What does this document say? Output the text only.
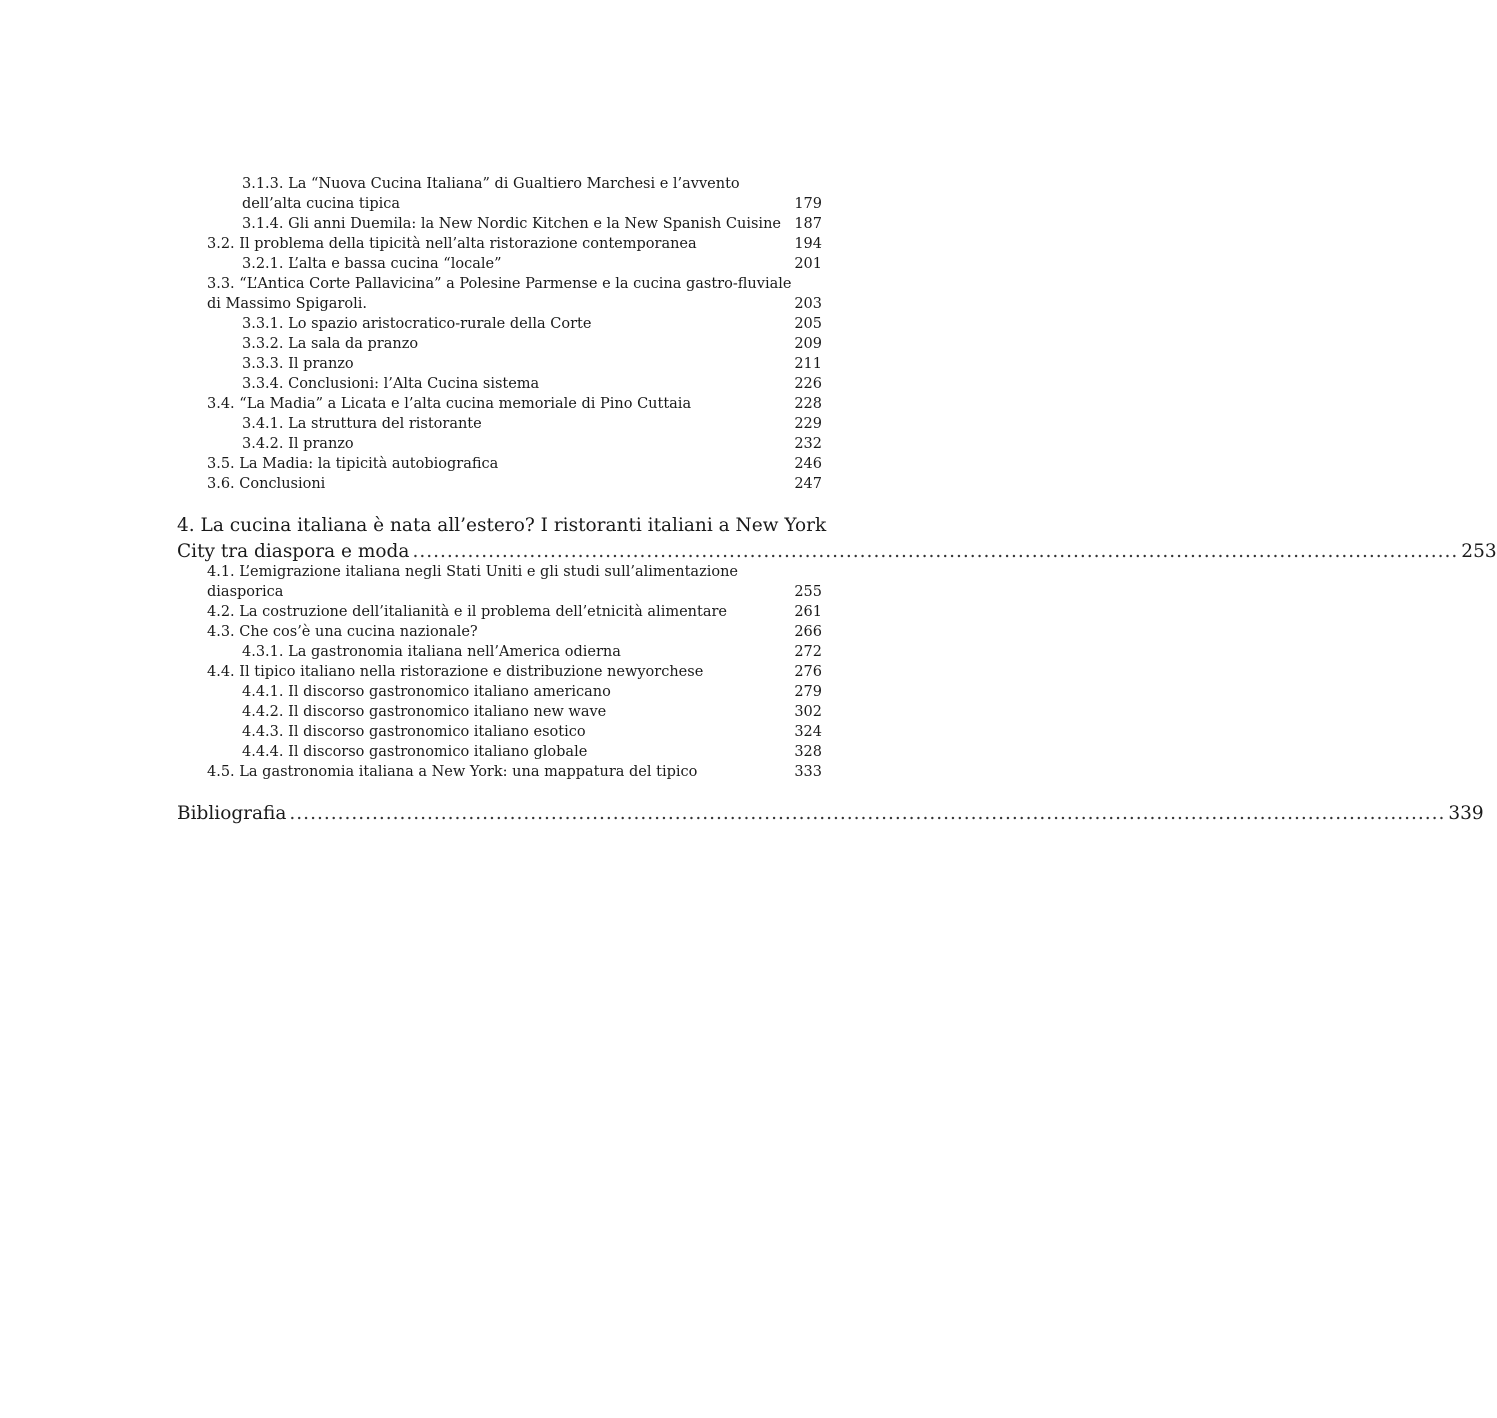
3.1.3. La “Nuova Cucina Italiana” di Gualtiero Marchesi e l’avvento
dell’alta cucina tipica	179
3.1.4. Gli anni Duemila: la New Nordic Kitchen e la New Spanish Cuisine 187
3.2. Il problema della tipicità nell’alta ristorazione contemporanea	194
3.2.1. L’alta e bassa cucina “locale”	201
3.3. “L’Antica Corte Pallavicina” a Polesine Parmense e la cucina gastro-fluviale
di Massimo Spigaroli.	203
3.3.1. Lo spazio aristocratico-rurale della Corte	205
3.3.2. La sala da pranzo	209
3.3.3. Il pranzo	211
3.3.4. Conclusioni: l’Alta Cucina sistema	226
3.4. “La Madia” a Licata e l’alta cucina memoriale di Pino Cuttaia	228
3.4.1. La struttura del ristorante	229
3.4.2. Il pranzo	232
3.5. La Madia: la tipicità autobiografica	246
3.6. Conclusioni	247
4. La cucina italiana è nata all’estero? I ristoranti italiani a New York
City tra diaspora e moda ........................................................................................................................................................ 253
4.1. L’emigrazione italiana negli Stati Uniti e gli studi sull’alimentazione
diasporica	255
4.2. La costruzione dell’italianità e il problema dell’etnicità alimentare	261
4.3. Che cos’è una cucina nazionale?	266
4.3.1. La gastronomia italiana nell’America odierna	272
4.4. Il tipico italiano nella ristorazione e distribuzione newyorchese	276
4.4.1. Il discorso gastronomico italiano americano	279
4.4.2. Il discorso gastronomico italiano new wave	302
4.4.3. Il discorso gastronomico italiano esotico	324
4.4.4. Il discorso gastronomico italiano globale	328
4.5. La gastronomia italiana a New York: una mappatura del tipico	333
Bibliografia ........................................................................................................................................................................ 339
